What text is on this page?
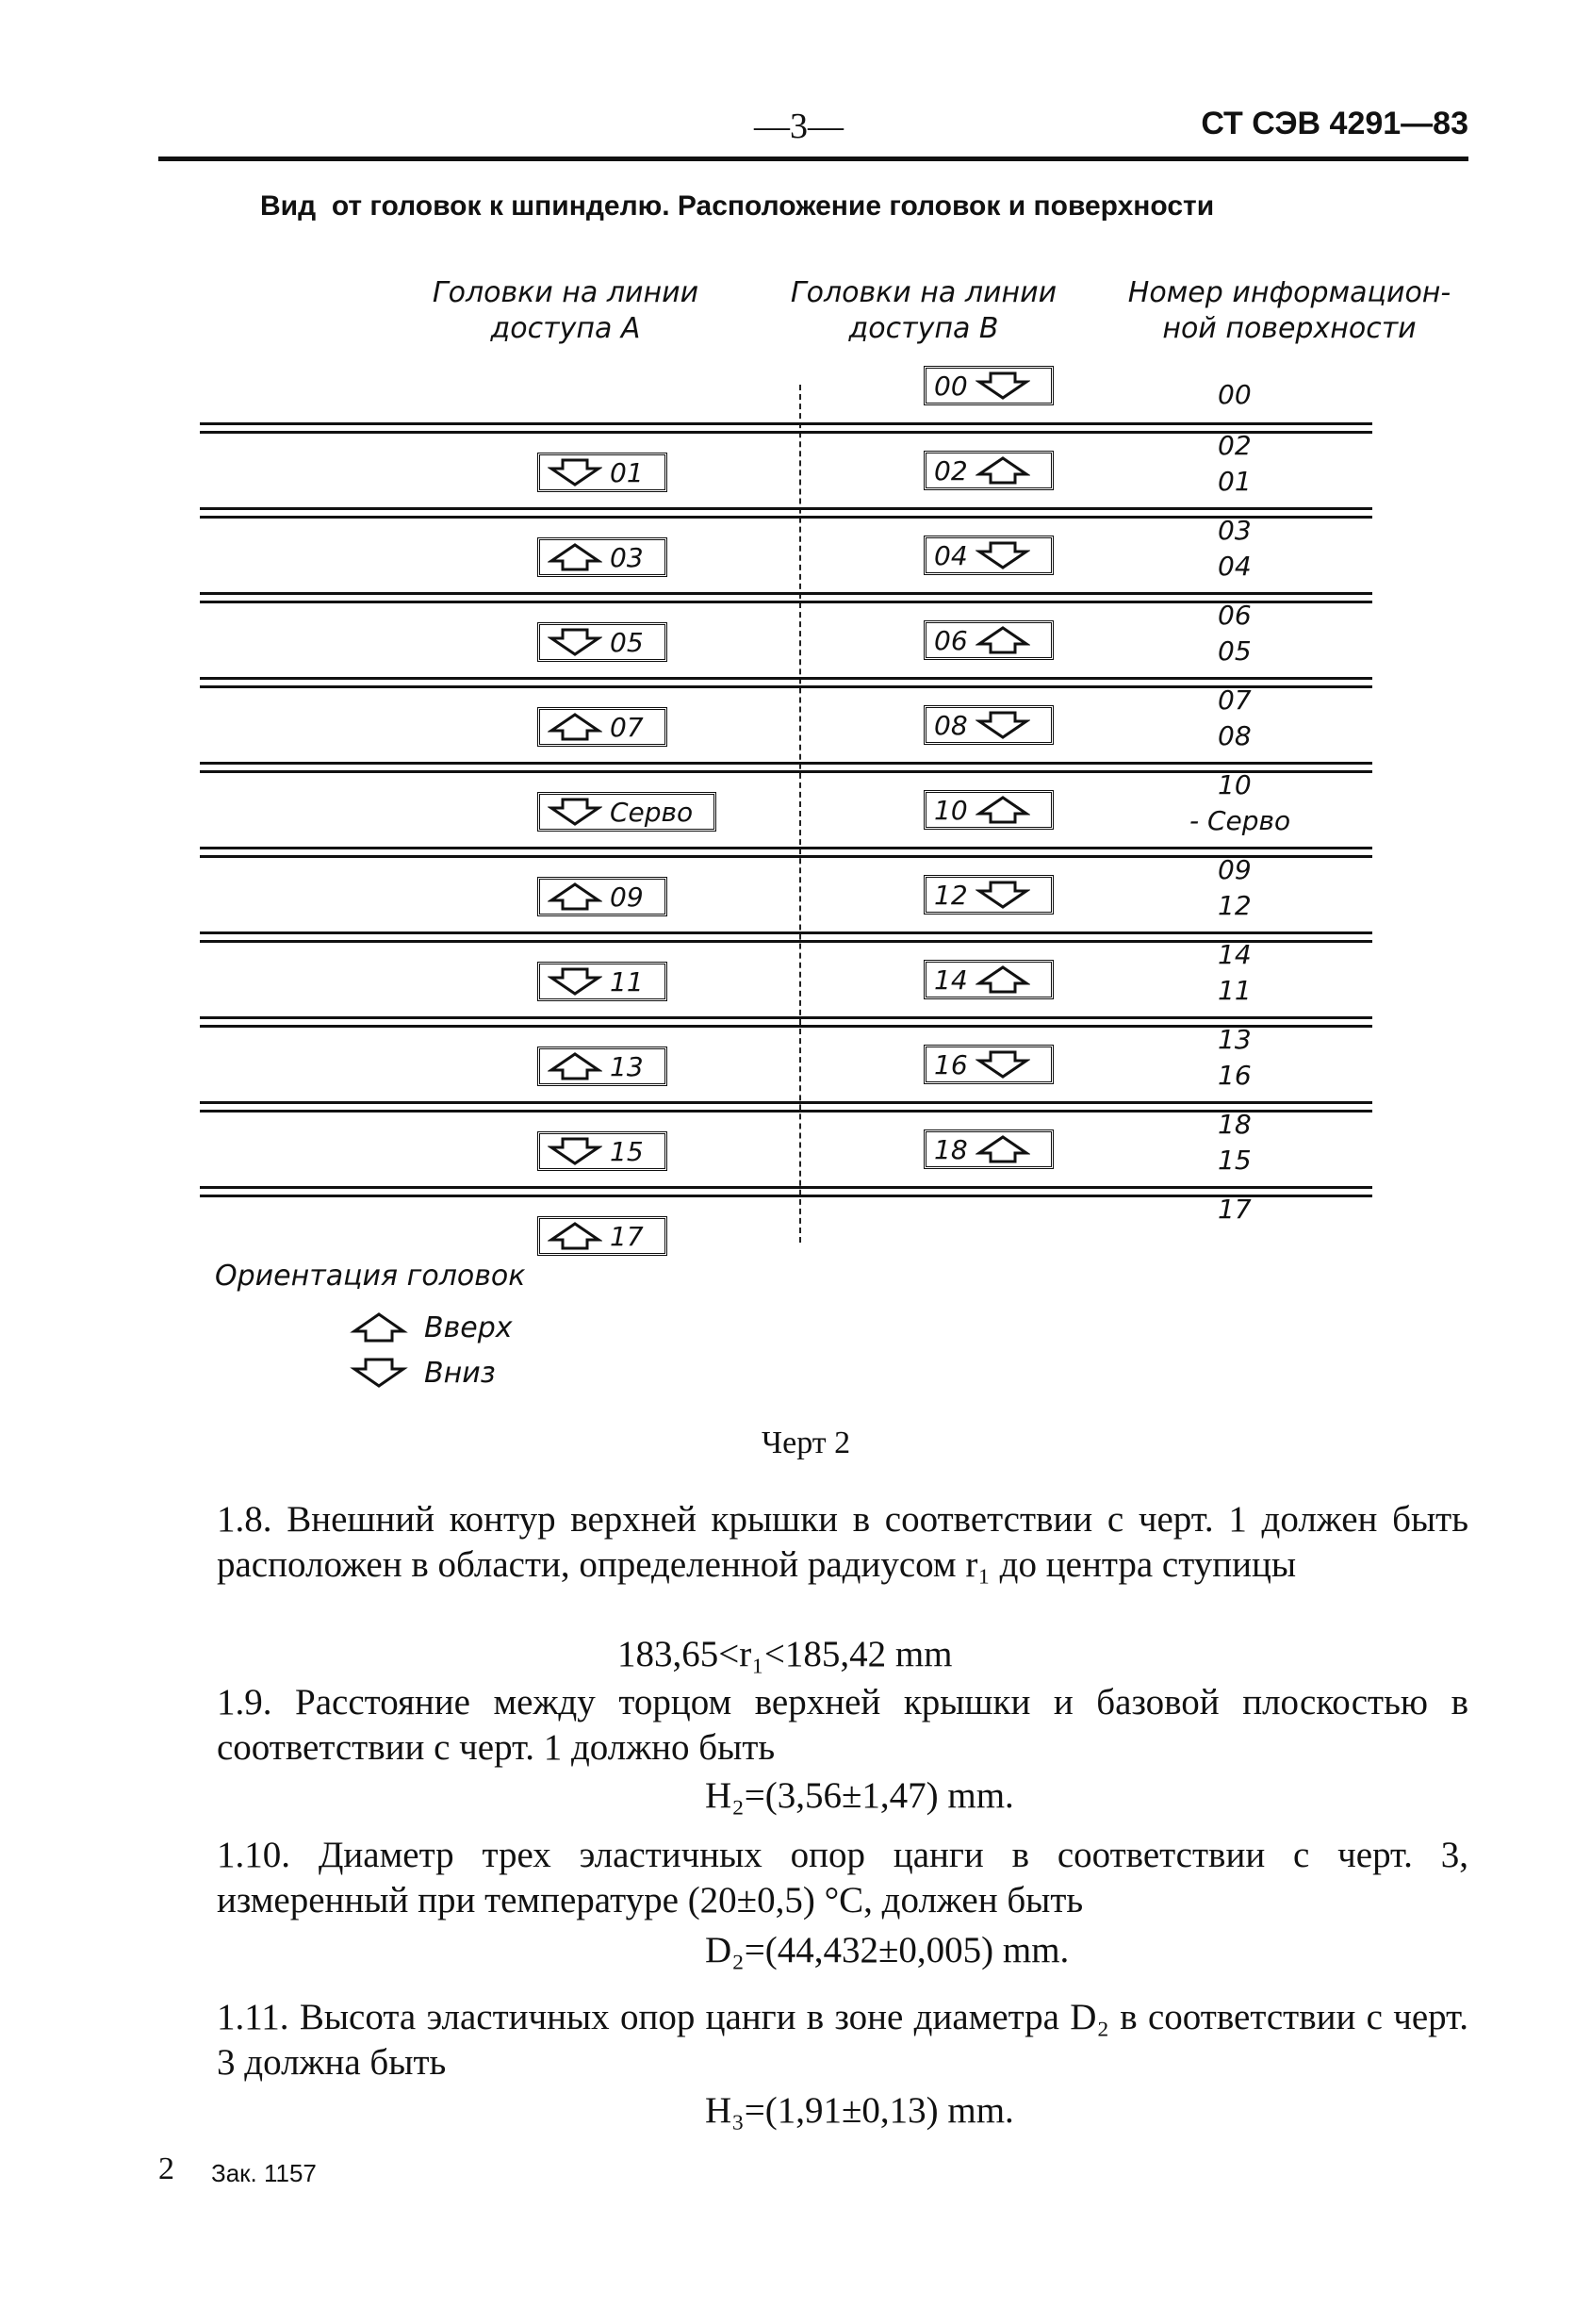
—3—	СТ СЭВ 4291—83
Вид  от головок к шпинделю. Расположение головок и поверхности
Головки на линии
доступа А
Головки на линии
доступа В
Номер информацион-
ной поверхности
01
03
05
07
Серво
09
11
13
15
17
00
02
04
06
08
10
12
14
16
18
00
02
01
03
04
06
05
07
08
10
- Серво
09
12
14
11
13
16
18
15
17
Ориентация головок
Вверх
Вниз
Черт 2
1.8. Внешний контур верхней крышки в соответствии с черт. 1 должен быть расположен в области, определенной радиусом r₁ до центра ступицы
183,65<r₁<185,42 mm
1.9. Расстояние между торцом верхней крышки и базовой плоскостью в соответствии с черт. 1 должно быть
H₂=(3,56±1,47) mm.
1.10. Диаметр трех эластичных опор цанги в соответствии с черт. 3, измеренный при температуре (20±0,5) °С, должен быть
D₂=(44,432±0,005) mm.
1.11. Высота эластичных опор цанги в зоне диаметра D₂ в соответствии с черт. 3 должна быть
H₃=(1,91±0,13) mm.
2 Зак. 1157
